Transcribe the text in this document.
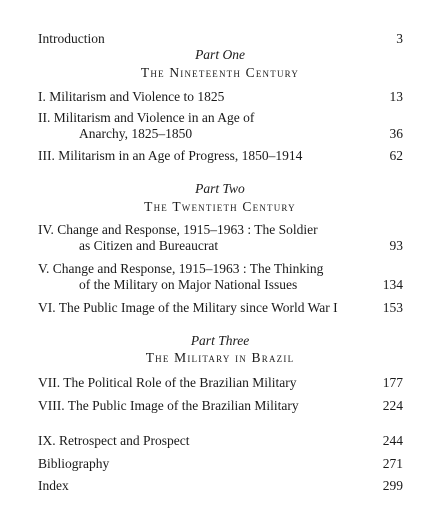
Introduction	3
Part One
The Nineteenth Century
I. Militarism and Violence to 1825	13
II. Militarism and Violence in an Age of
Anarchy, 1825–1850	36
III. Militarism in an Age of Progress, 1850–1914	62
Part Two
The Twentieth Century
IV. Change and Response, 1915–1963 : The Soldier
as Citizen and Bureaucrat	93
V. Change and Response, 1915–1963 : The Thinking
of the Military on Major National Issues	134
VI. The Public Image of the Military since World War I	153
Part Three
The Military in Brazil
VII. The Political Role of the Brazilian Military	177
VIII. The Public Image of the Brazilian Military	224
IX. Retrospect and Prospect	244
Bibliography	271
Index	299
